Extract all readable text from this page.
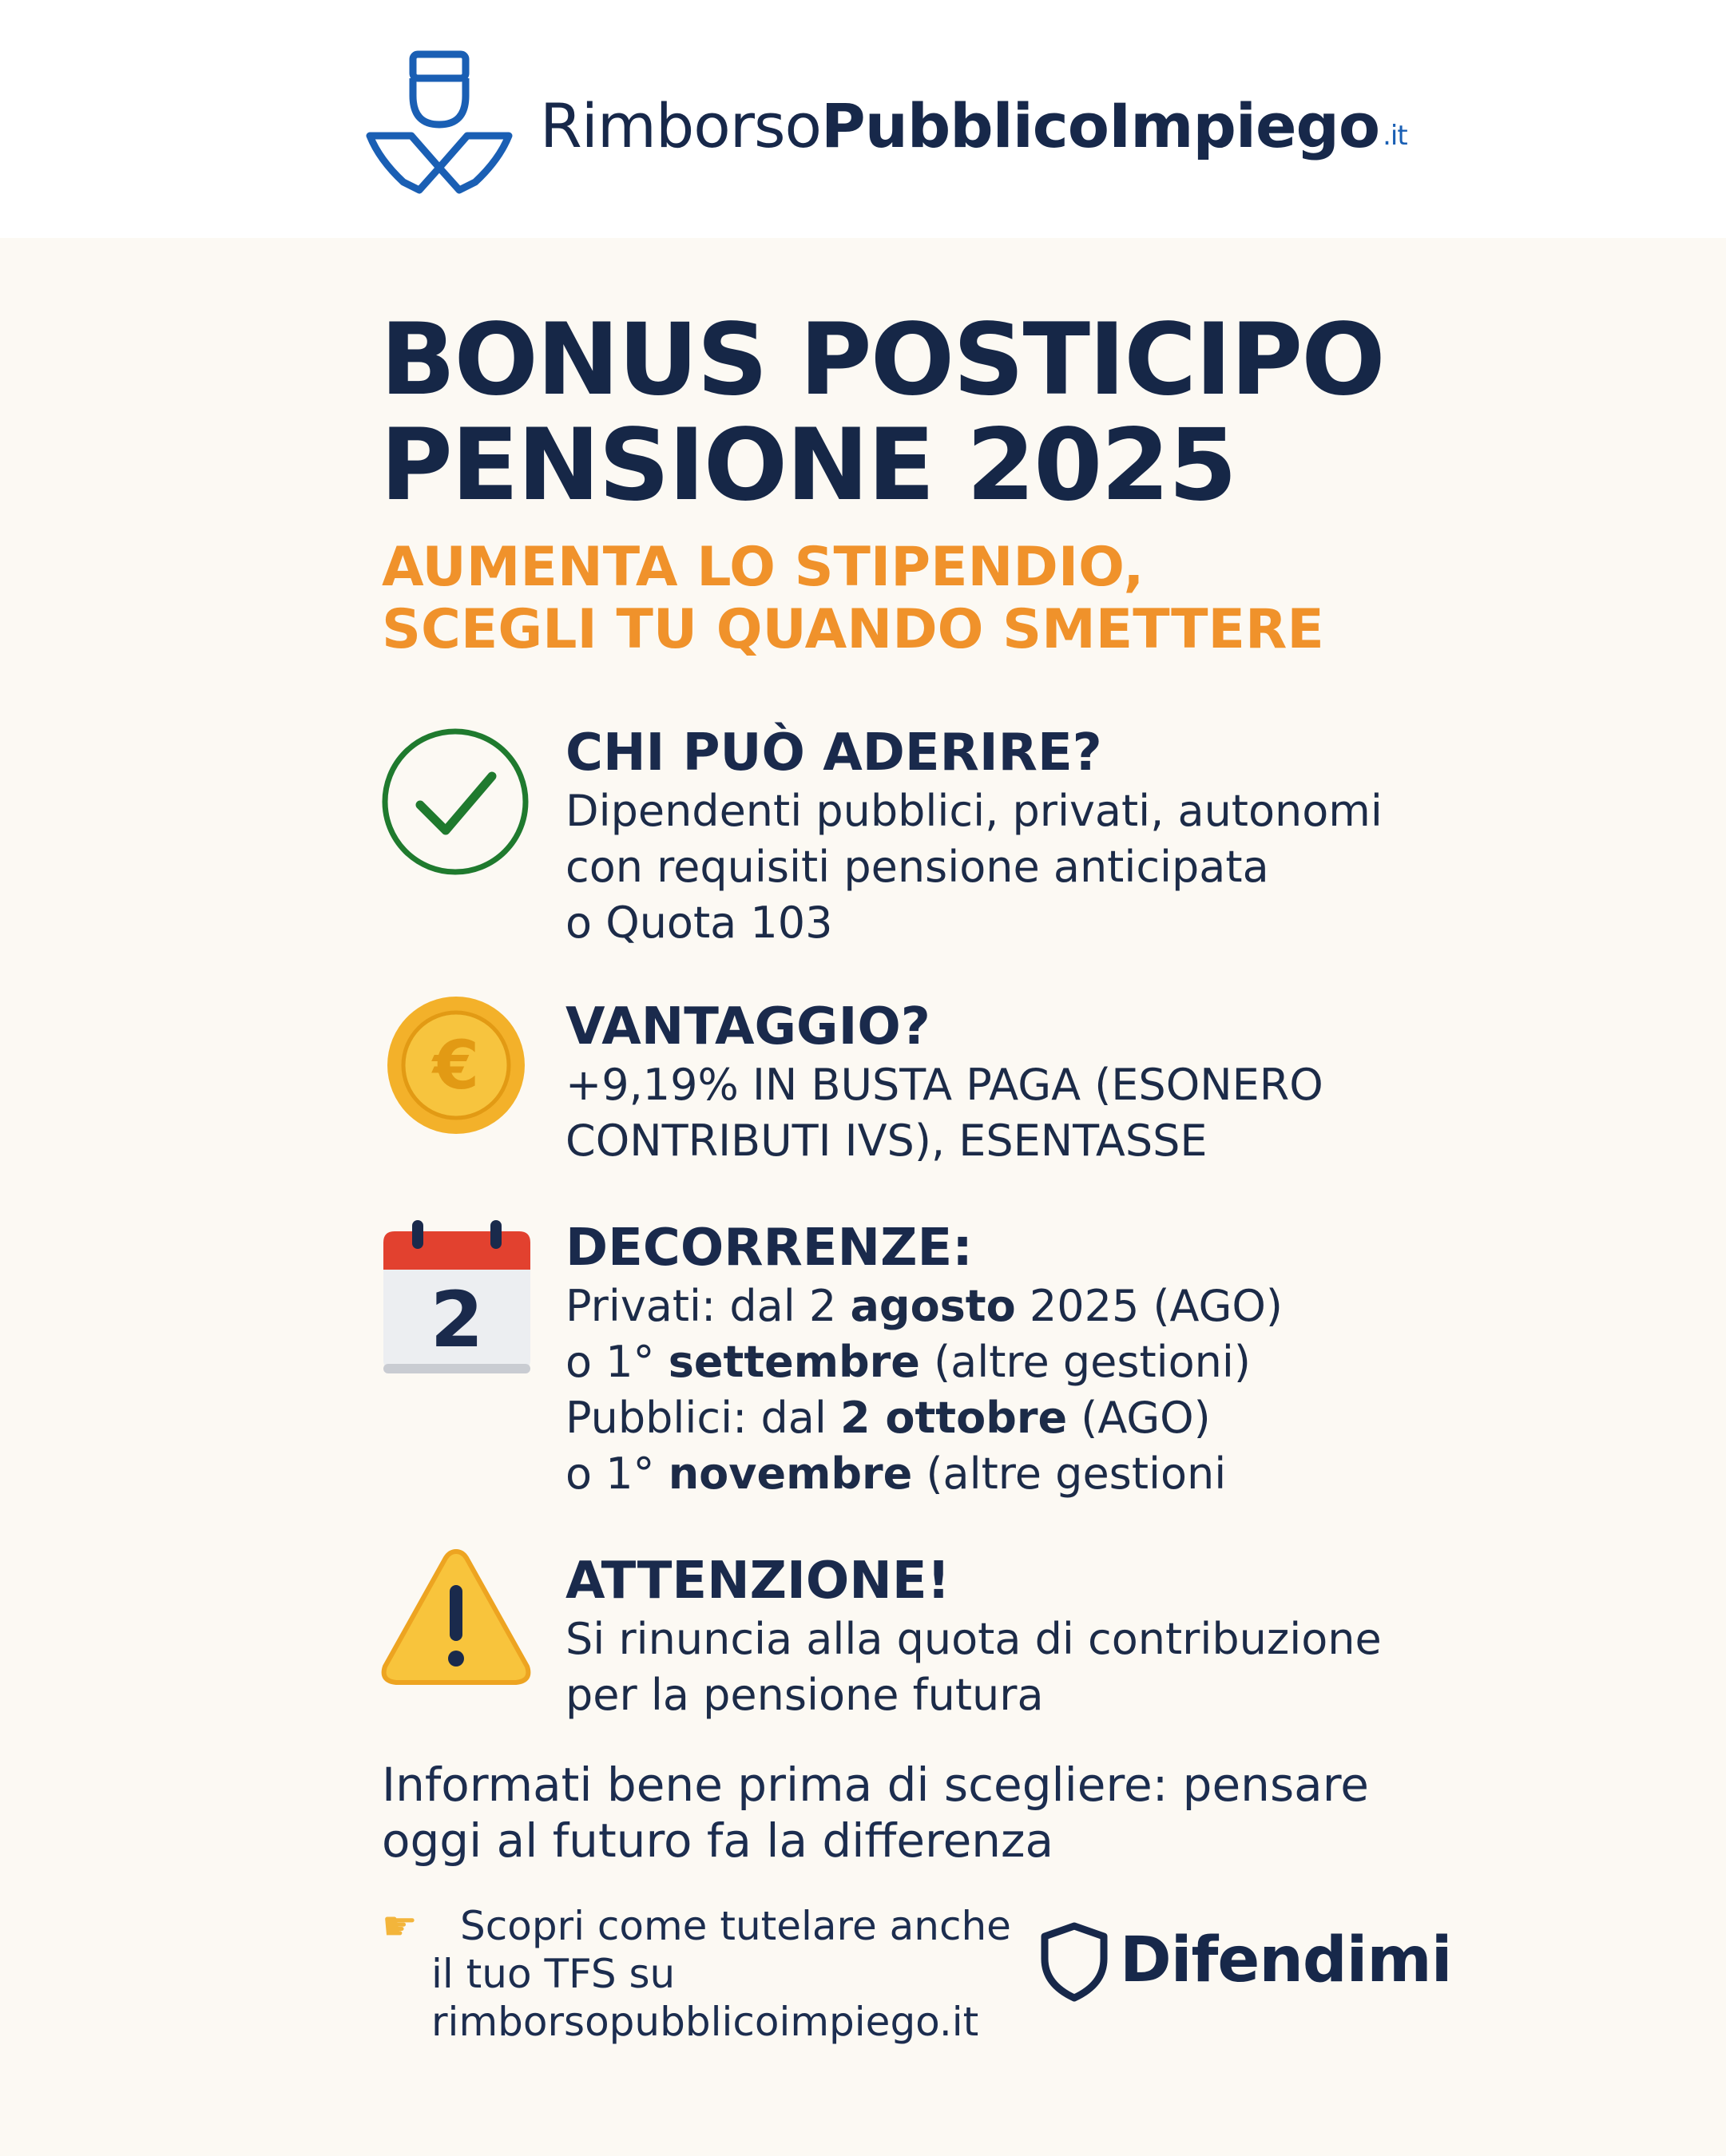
RimborsoPubblicoImpiego $^{.it}$
BONUS POSTICIPO
PENSIONE 2025
AUMENTA LO STIPENDIO,
SCEGLI TU QUANDO SMETTERE
CHI PUÒ ADERIRE?
Dipendenti pubblici, privati, autonomi
con requisiti pensione anticipata
o Quota 103
€ VANTAGGIO?
+9,19% IN BUSTA PAGA (ESONERO
CONTRIBUTI IVS), ESENTASSE
2
DECORRENZE:
Privati: dal 2 agosto 2025 (AGO)
o 1° settembre (altre gestioni)
Pubblici: dal 2 ottobre (AGO)
o 1° novembre (altre gestioni
ATTENZIONE!
Si rinuncia alla quota di contribuzione
per la pensione futura
Informati bene prima di scegliere: pensare
oggi al futuro fa la differenza
☛ Scopri come tutelare anche
il tuo TFS su
rimborsopubblicoimpiego.it
Difendimi
